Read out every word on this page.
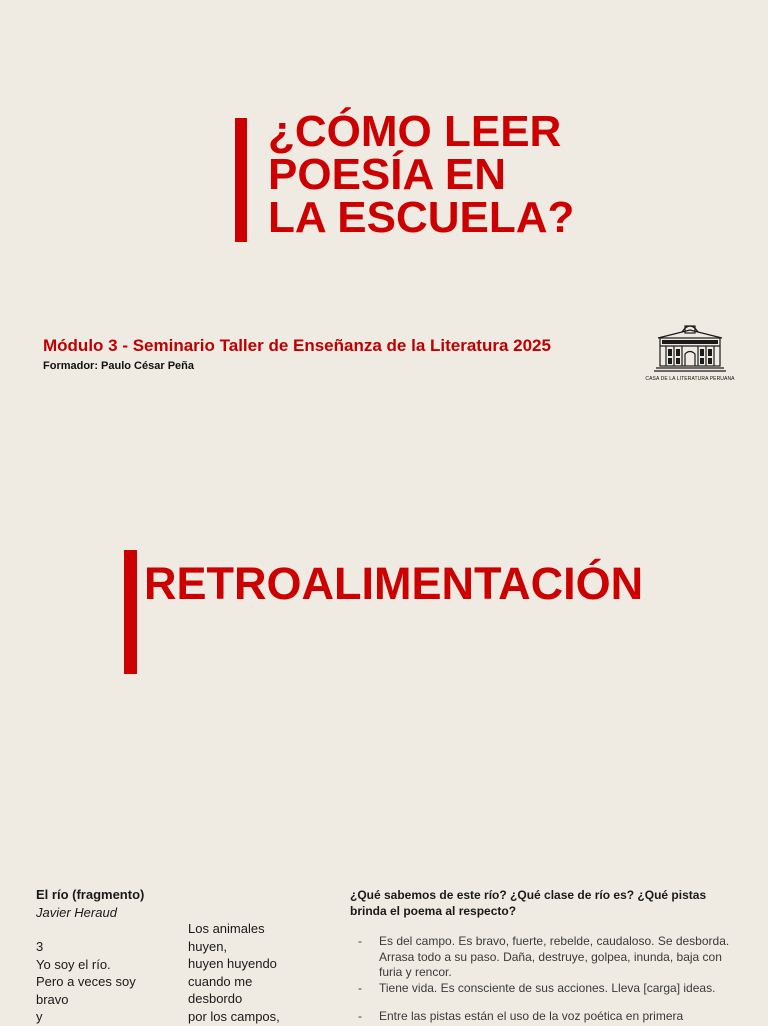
¿CÓMO LEER
POESÍA EN
LA ESCUELA?
Módulo 3 - Seminario Taller de Enseñanza de la Literatura 2025
Formador: Paulo César Peña
CASA DE LA LITERATURA PERUANA
RETROALIMENTACIÓN
El río (fragmento)
Javier Heraud
3
Yo soy el río.
Pero a veces soy
bravo
y
Los animales
huyen,
huyen huyendo
cuando me
desbordo
por los campos,
¿Qué sabemos de este río? ¿Qué clase de río es? ¿Qué pistas brinda el poema al respecto?
- Es del campo. Es bravo, fuerte, rebelde, caudaloso. Se desborda. Arrasa todo a su paso. Daña, destruye, golpea, inunda, baja con furia y rencor.
- Tiene vida. Es consciente de sus acciones. Lleva [carga] ideas.
- Entre las pistas están el uso de la voz poética en primera
